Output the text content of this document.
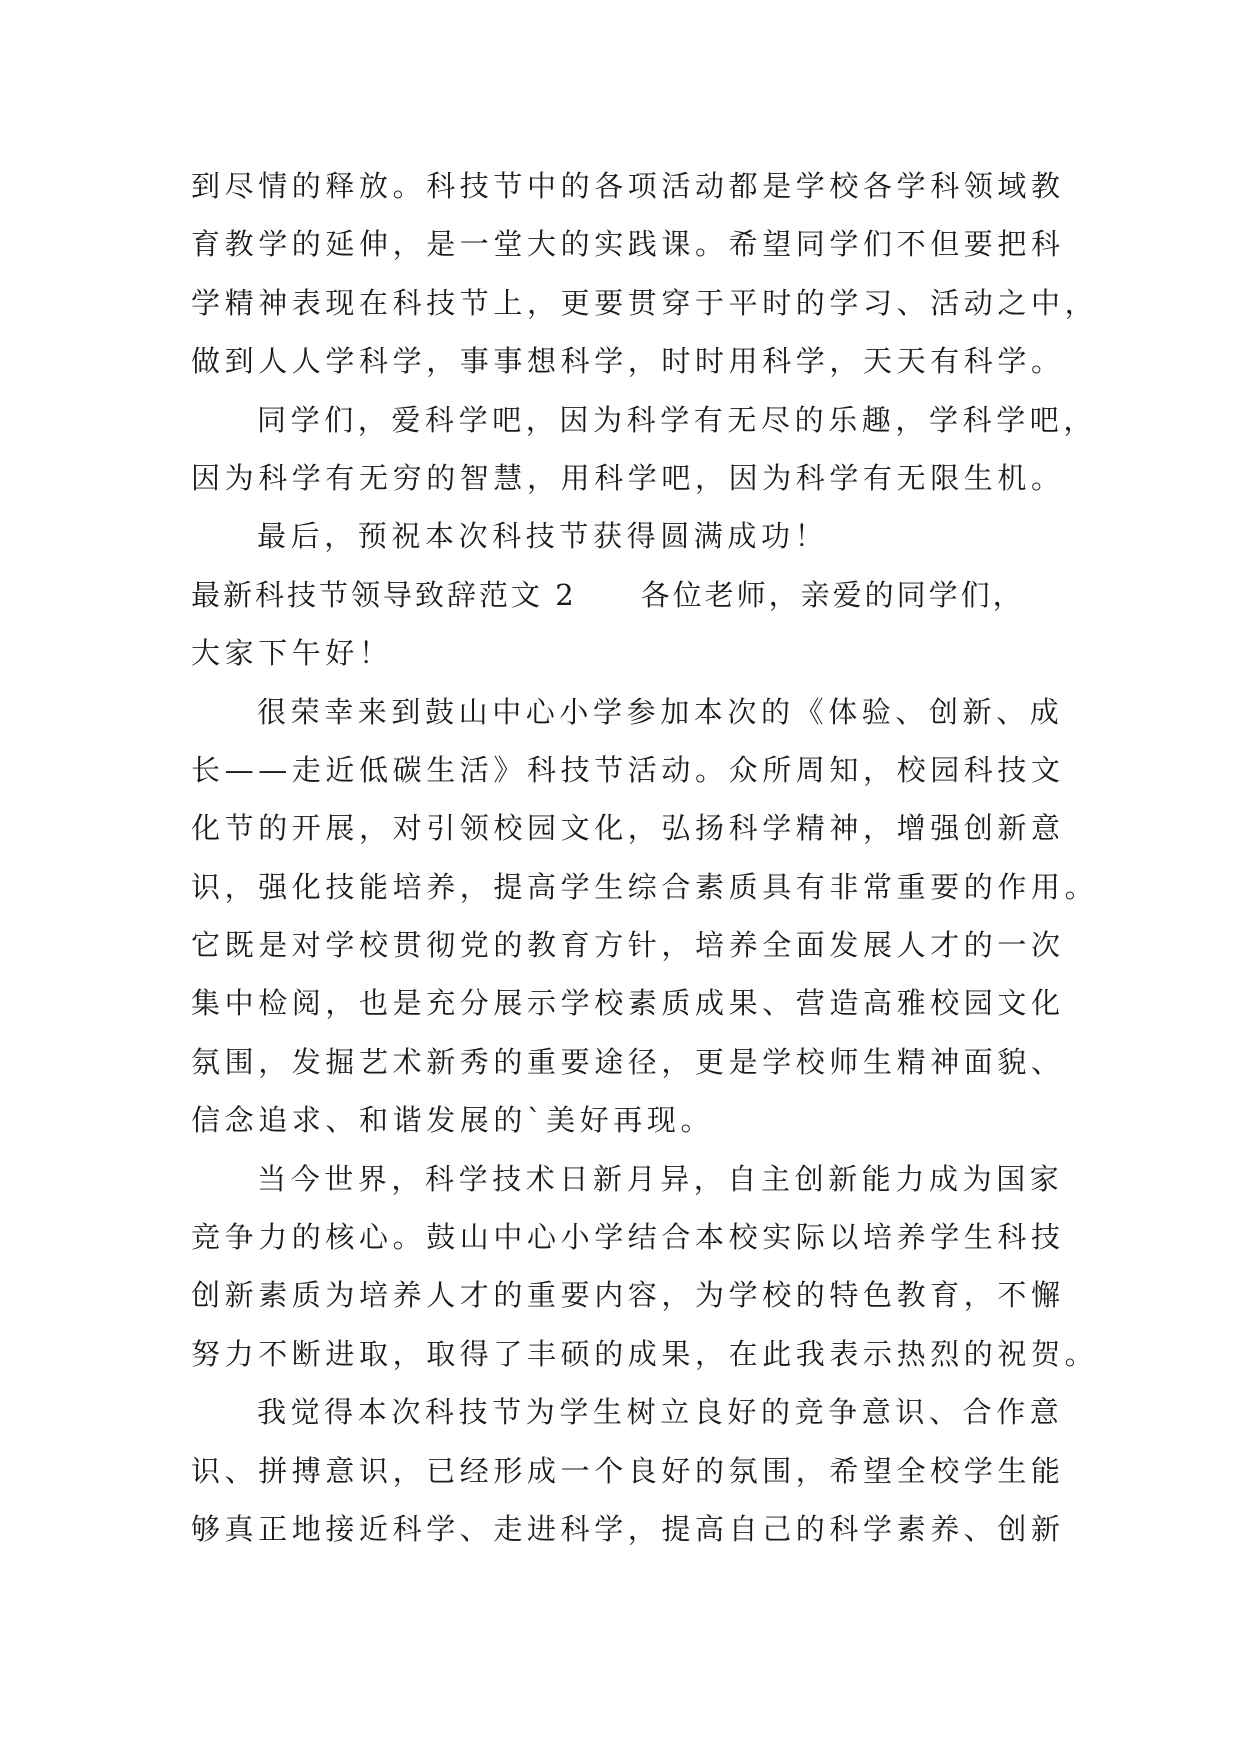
到尽情的释放。科技节中的各项活动都是学校各学科领域教
育教学的延伸，是一堂大的实践课。希望同学们不但要把科
学精神表现在科技节上，更要贯穿于平时的学习、活动之中，
做到人人学科学，事事想科学，时时用科学，天天有科学。
同学们，爱科学吧，因为科学有无尽的乐趣，学科学吧，
因为科学有无穷的智慧，用科学吧，因为科学有无限生机。
最后，预祝本次科技节获得圆满成功！
最新科技节领导致辞范文 2　　各位老师，亲爱的同学们，
大家下午好！
很荣幸来到鼓山中心小学参加本次的《体验、创新、成
长——走近低碳生活》科技节活动。众所周知，校园科技文
化节的开展，对引领校园文化，弘扬科学精神，增强创新意
识，强化技能培养，提高学生综合素质具有非常重要的作用。
它既是对学校贯彻党的教育方针，培养全面发展人才的一次
集中检阅，也是充分展示学校素质成果、营造高雅校园文化
氛围，发掘艺术新秀的重要途径，更是学校师生精神面貌、
信念追求、和谐发展的`美好再现。
当今世界，科学技术日新月异，自主创新能力成为国家
竞争力的核心。鼓山中心小学结合本校实际以培养学生科技
创新素质为培养人才的重要内容，为学校的特色教育，不懈
努力不断进取，取得了丰硕的成果，在此我表示热烈的祝贺。
我觉得本次科技节为学生树立良好的竞争意识、合作意
识、拼搏意识，已经形成一个良好的氛围，希望全校学生能
够真正地接近科学、走进科学，提高自己的科学素养、创新
